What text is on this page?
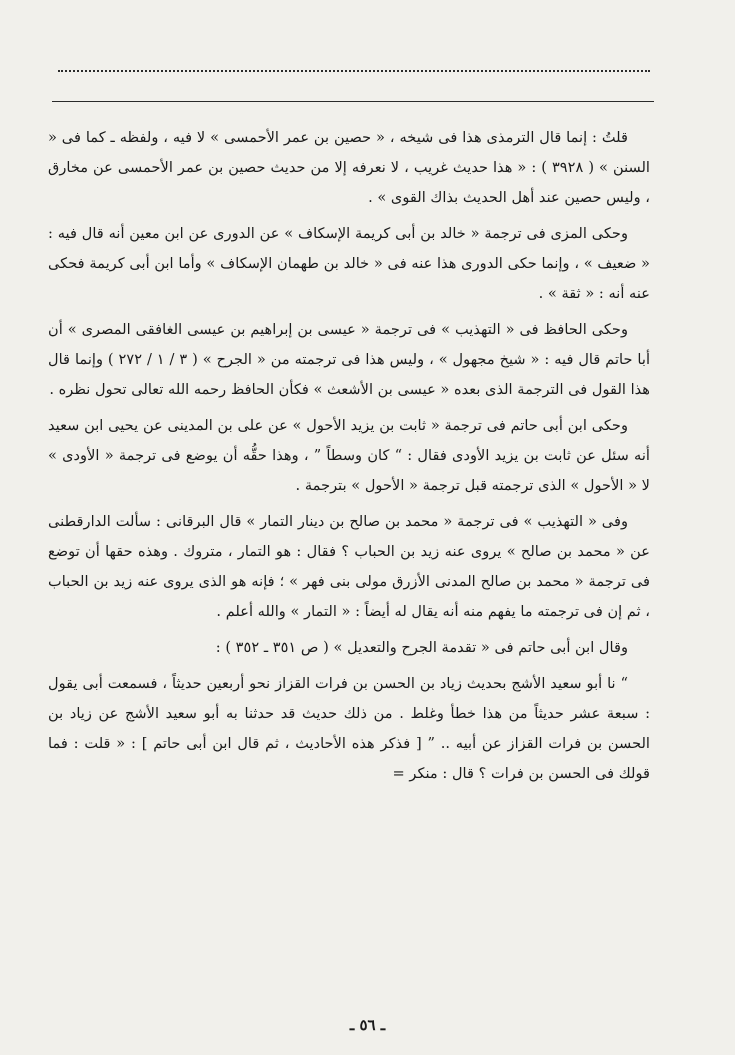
قلتُ : إنما قال الترمذى هذا فى شيخه ، « حصين بن عمر الأحمسى » لا فيه ، ولفظه ـ كما فى « السنن » ( ٣٩٢٨ ) : « هذا حديث غريب ، لا نعرفه إلا من حديث حصين بن عمر الأحمسى عن مخارق ، وليس حصين عند أهل الحديث بذاك القوى » .

وحكى المزى فى ترجمة « خالد بن أبى كريمة الإسكاف » عن الدورى عن ابن معين أنه قال فيه : « ضعيف » ، وإنما حكى الدورى هذا عنه فى « خالد بن طهمان الإسكاف » وأما ابن أبى كريمة فحكى عنه أنه : « ثقة » .

وحكى الحافظ فى « التهذيب » فى ترجمة « عيسى بن إبراهيم بن عيسى الغافقى المصرى » أن أبا حاتم قال فيه : « شيخ مجهول » ، وليس هذا فى ترجمته من « الجرح » ( ٣ / ١ / ٢٧٢ ) وإنما قال هذا القول فى الترجمة الذى بعده « عيسى بن الأشعث » فكأن الحافظ رحمه الله تعالى تحول نظره .

وحكى ابن أبى حاتم فى ترجمة « ثابت بن يزيد الأحول » عن على بن المدينى عن يحيى ابن سعيد أنه سئل عن ثابت بن يزيد الأودى فقال : “ كان وسطاً ” ، وهذا حقُّه أن يوضع فى ترجمة « الأودى » لا « الأحول » الذى ترجمته قبل ترجمة « الأحول » بترجمة .

وفى « التهذيب » فى ترجمة « محمد بن صالح بن دينار التمار » قال البرقانى : سألت الدارقطنى عن « محمد بن صالح » يروى عنه زيد بن الحباب ؟ فقال : هو التمار ، متروك . وهذه حقها أن توضع فى ترجمة « محمد بن صالح المدنى الأزرق مولى بنى فهر » ؛ فإنه هو الذى يروى عنه زيد بن الحباب ، ثم إن فى ترجمته ما يفهم منه أنه يقال له أيضاً : « التمار » والله أعلم .

وقال ابن أبى حاتم فى « تقدمة الجرح والتعديل » ( ص ٣٥١ ـ ٣٥٢ ) :

“ نا أبو سعيد الأشج بحديث زياد بن الحسن بن فرات القزاز نحو أربعين حديثاً ، فسمعت أبى يقول : سبعة عشر حديثاً من هذا خطأ وغلط . من ذلك حديث قد حدثنا به أبو سعيد الأشج عن زياد بن الحسن بن فرات القزاز عن أبيه .. ” [ فذكر هذه الأحاديث ، ثم قال ابن أبى حاتم ] : « قلت : فما قولك فى الحسن بن فرات ؟ قال : منكر =

ـ ٥٦ ـ
